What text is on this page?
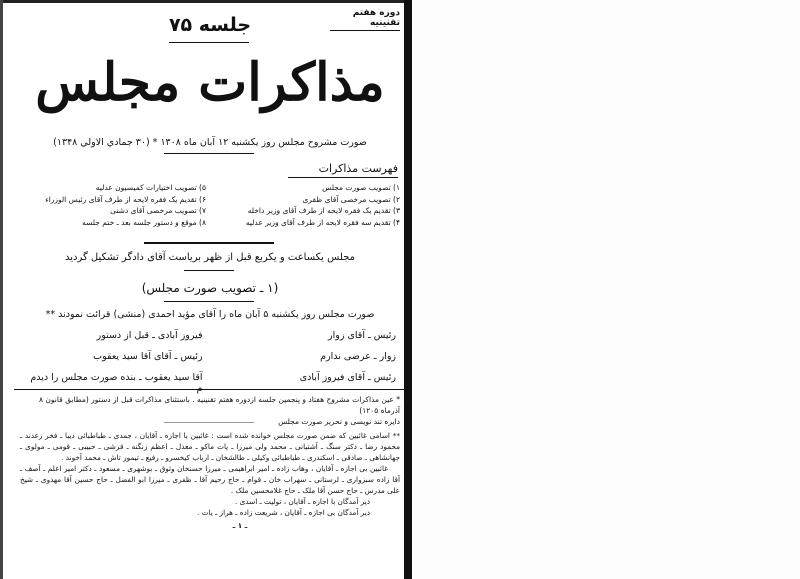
دوره هفتم تقنینیه
جلسه ۷۵
مذاکرات مجلس
صورت مشروح مجلس روز یکشنبه ۱۲ آبان ماه ۱۳۰۸ * (۳۰ جمادي الاولي ۱۳۴۸)
فهرست مذاکرات
۱) تصویب صورت مجلس
۲) تصویب مرخصی آقای ظفری
۳) تقدیم یک فقره لایحه از طرف آقای وزیر داخله
۴) تقدیم سه فقره لایحه از طرف آقای وزیر عدلیه
۵) تصویب اختیارات کمیسیون عدلیه
۶) تقدیم یک فقره لایحه از طرف آقای رئیس الوزراء
۷) تصویب مرخصی آقای دشتی
۸) موقع و دستور جلسه بعد ـ ختم جلسه
مجلس یکساعت و یکربع قبل از ظهر بریاست آقای دادگر تشکیل گردید
(۱ ـ تصویب صورت مجلس)
صورت مجلس روز یکشنبه ۵ آبان ماه را آقای مؤید احمدی (منشی) قرائت نمودند **
رئیس ـ آقای زوار
فیروز آبادی ـ قبل از دستور
زوار ـ عرضی ندارم
رئیس ـ آقای آقا سید یعقوب
رئیس ـ آقای فیروز آبادی
آقا سید یعقوب ـ بنده صورت مجلس را دیدم
* عین مذاکرات مشروح هفتاد و پنجمین جلسه ازدوره هفتم تقنینیه . باستثنای مذاکرات قبل از دستور (مطابق قانون ۸ آذرماه ۱۲۰۵)
دایره تند نویسی و تحریر صورت مجلس
** اسامی غائبین که ضمن صورت مجلس خوانده شده است : غائبین با اجازه ـ آقایان ، جمدی ـ طباطبائی دیبا ـ فخر زعدند ـ محمود رضا ـ دکتر سنگ ـ آشتیانی ـ محمد ولی میرزا ـ یات ماکو ـ معدل ـ اعظم زنگنه ـ قرشی ـ حبیبی ـ قومی ـ مولوی ـ جهانشاهی ـ صادقی ـ اسکندری ـ طباطبائی وکیلی ـ طالشخان ـ ارباب کیخسرو ـ رفیع ـ تیمور تاش ـ محمد آخوند .
غائبین بی اجازه ـ آقایان ، وهاب زاده ـ امیر ابراهیمی ـ میرزا حسنخان وثوق ـ بوشهری ـ مسعود ـ دکتر امیر اعلم ـ آصف ـ آقا زاده سبزواری ـ لرستانی ـ سهراب خان ـ قوام ـ حاج رحیم آقا ـ ظفری ـ میرزا ابو الفضل ـ حاج حسین آقا مهدوی ـ شیخ علی مدرس ـ حاج حسن آقا ملک ـ حاج غلامحسین ملک .
دیر آمدگان با اجازه ـ آقایان ، تولیت ـ اسدی .
دیر آمدگان بی اجازه ـ آقایان ، شریعت زاده ـ هراز ـ یات .
ـ ۱ ـ
